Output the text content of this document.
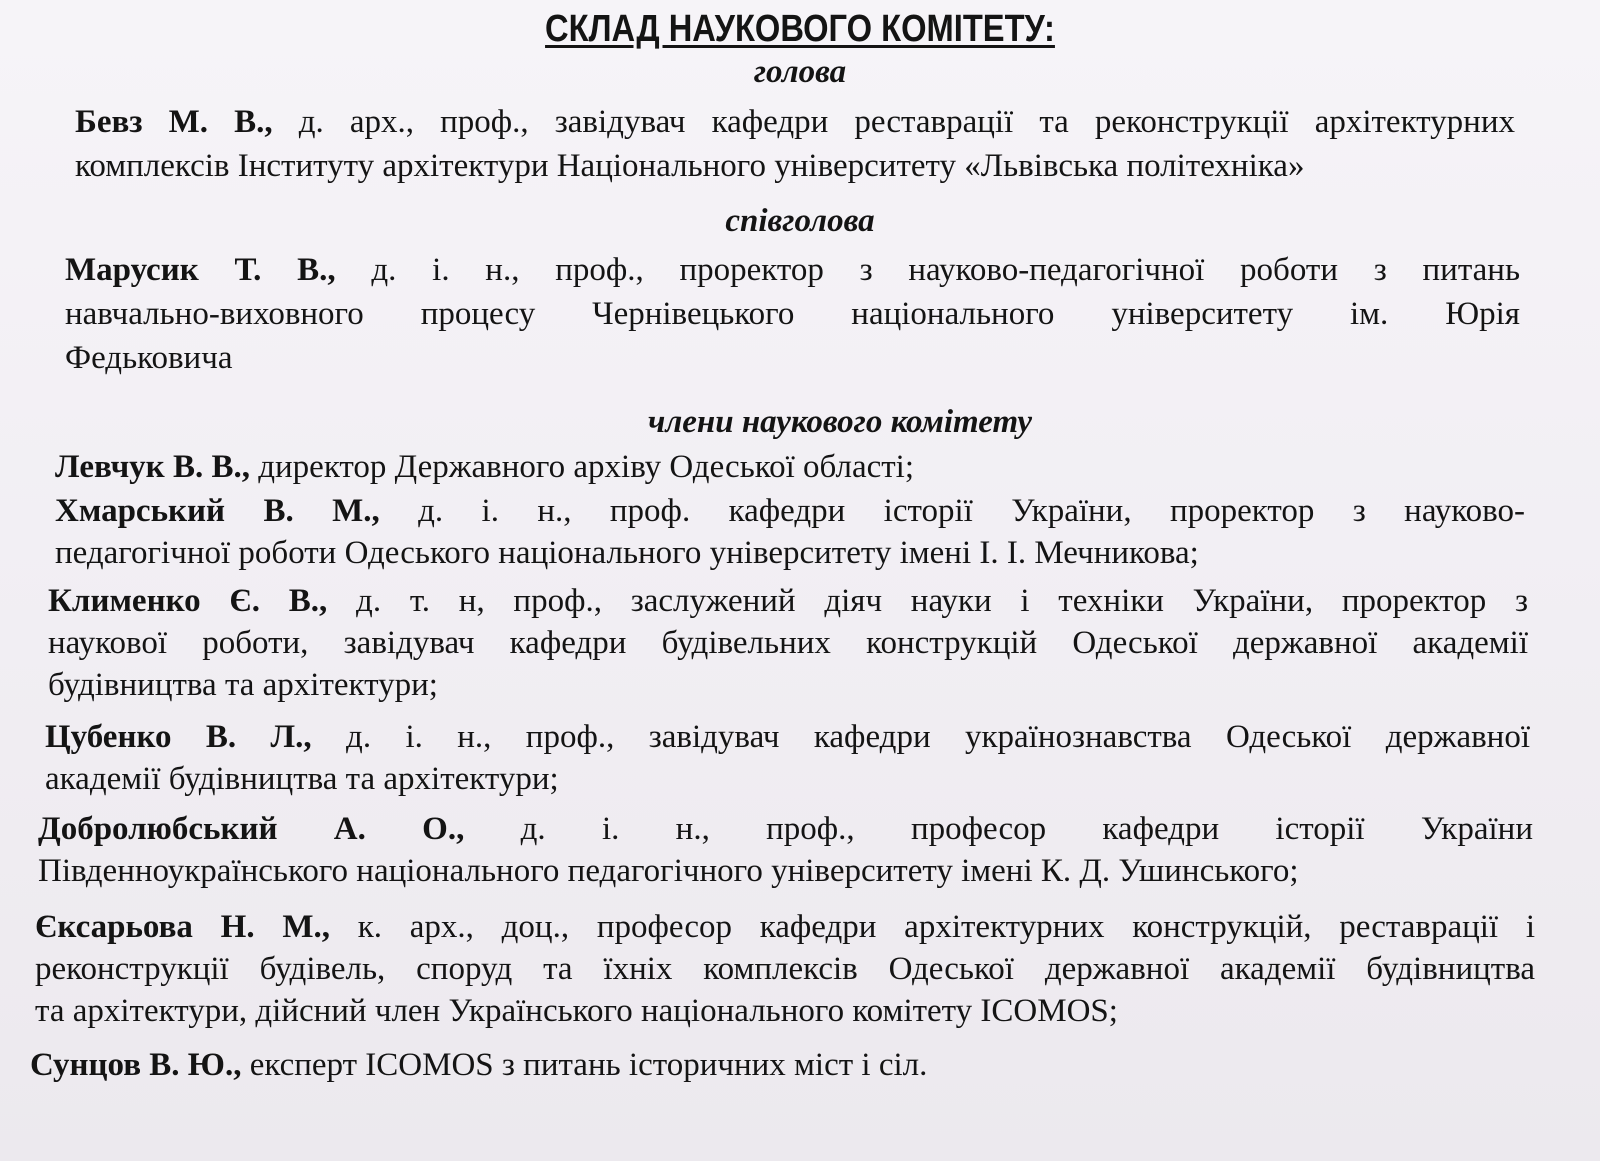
СКЛАД НАУКОВОГО КОМІТЕТУ:
голова
Бевз М. В., д. арх., проф., завідувач кафедри реставрації та реконструкції архітектурних
комплексів Інституту архітектури Національного університету «Львівська політехніка»
співголова
Марусик Т. В., д. і. н., проф., проректор з науково-педагогічної роботи з питань
навчально-виховного процесу Чернівецького національного університету ім. Юрія
Федьковича
члени наукового комітету
Левчук В. В., директор Державного архіву Одеської області;
Хмарський В. М., д. і. н., проф. кафедри історії України, проректор з науково-
педагогічної роботи Одеського національного університету імені І. І. Мечникова;
Клименко Є. В., д. т. н, проф., заслужений діяч науки і техніки України, проректор з
наукової роботи, завідувач кафедри будівельних конструкцій Одеської державної академії
будівництва та архітектури;
Цубенко В. Л., д. і. н., проф., завідувач кафедри українознавства Одеської державної
академії будівництва та архітектури;
Добролюбський А. О., д. і. н., проф., професор кафедри історії України
Південноукраїнського національного педагогічного університету імені К. Д. Ушинського;
Єксарьова Н. М., к. арх., доц., професор кафедри архітектурних конструкцій, реставрації і
реконструкції будівель, споруд та їхніх комплексів Одеської державної академії будівництва
та архітектури, дійсний член Українського національного комітету ICOMOS;
Сунцов В. Ю., експерт ICOMOS з питань історичних міст і сіл.
